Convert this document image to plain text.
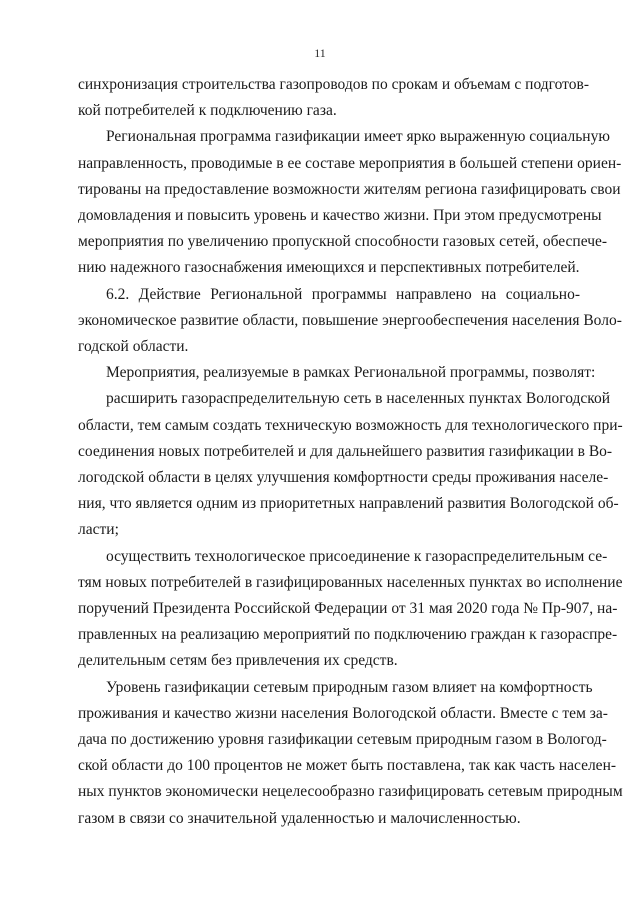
11

синхронизация строительства газопроводов по срокам и объемам с подготов-
кой потребителей к подключению газа.

Региональная программа газификации имеет ярко выраженную социальную
направленность, проводимые в ее составе мероприятия в большей степени ориен-
тированы на предоставление возможности жителям региона газифицировать свои
домовладения и повысить уровень и качество жизни. При этом предусмотрены
мероприятия по увеличению пропускной способности газовых сетей, обеспече-
нию надежного газоснабжения имеющихся и перспективных потребителей.

6.2. Действие Региональной программы направлено на социально-
экономическое развитие области, повышение энергообеспечения населения Воло-
годской области.

Мероприятия, реализуемые в рамках Региональной программы, позволят:

расширить газораспределительную сеть в населенных пунктах Вологодской
области, тем самым создать техническую возможность для технологического при-
соединения новых потребителей и для дальнейшего развития газификации в Во-
логодской области в целях улучшения комфортности среды проживания населе-
ния, что является одним из приоритетных направлений развития Вологодской об-
ласти;

осуществить технологическое присоединение к газораспределительным се-
тям новых потребителей в газифицированных населенных пунктах во исполнение
поручений Президента Российской Федерации от 31 мая 2020 года № Пр-907, на-
правленных на реализацию мероприятий по подключению граждан к газораспре-
делительным сетям без привлечения их средств.

Уровень газификации сетевым природным газом влияет на комфортность
проживания и качество жизни населения Вологодской области. Вместе с тем за-
дача по достижению уровня газификации сетевым природным газом в Вологод-
ской области до 100 процентов не может быть поставлена, так как часть населен-
ных пунктов экономически нецелесообразно газифицировать сетевым природным
газом в связи со значительной удаленностью и малочисленностью.
